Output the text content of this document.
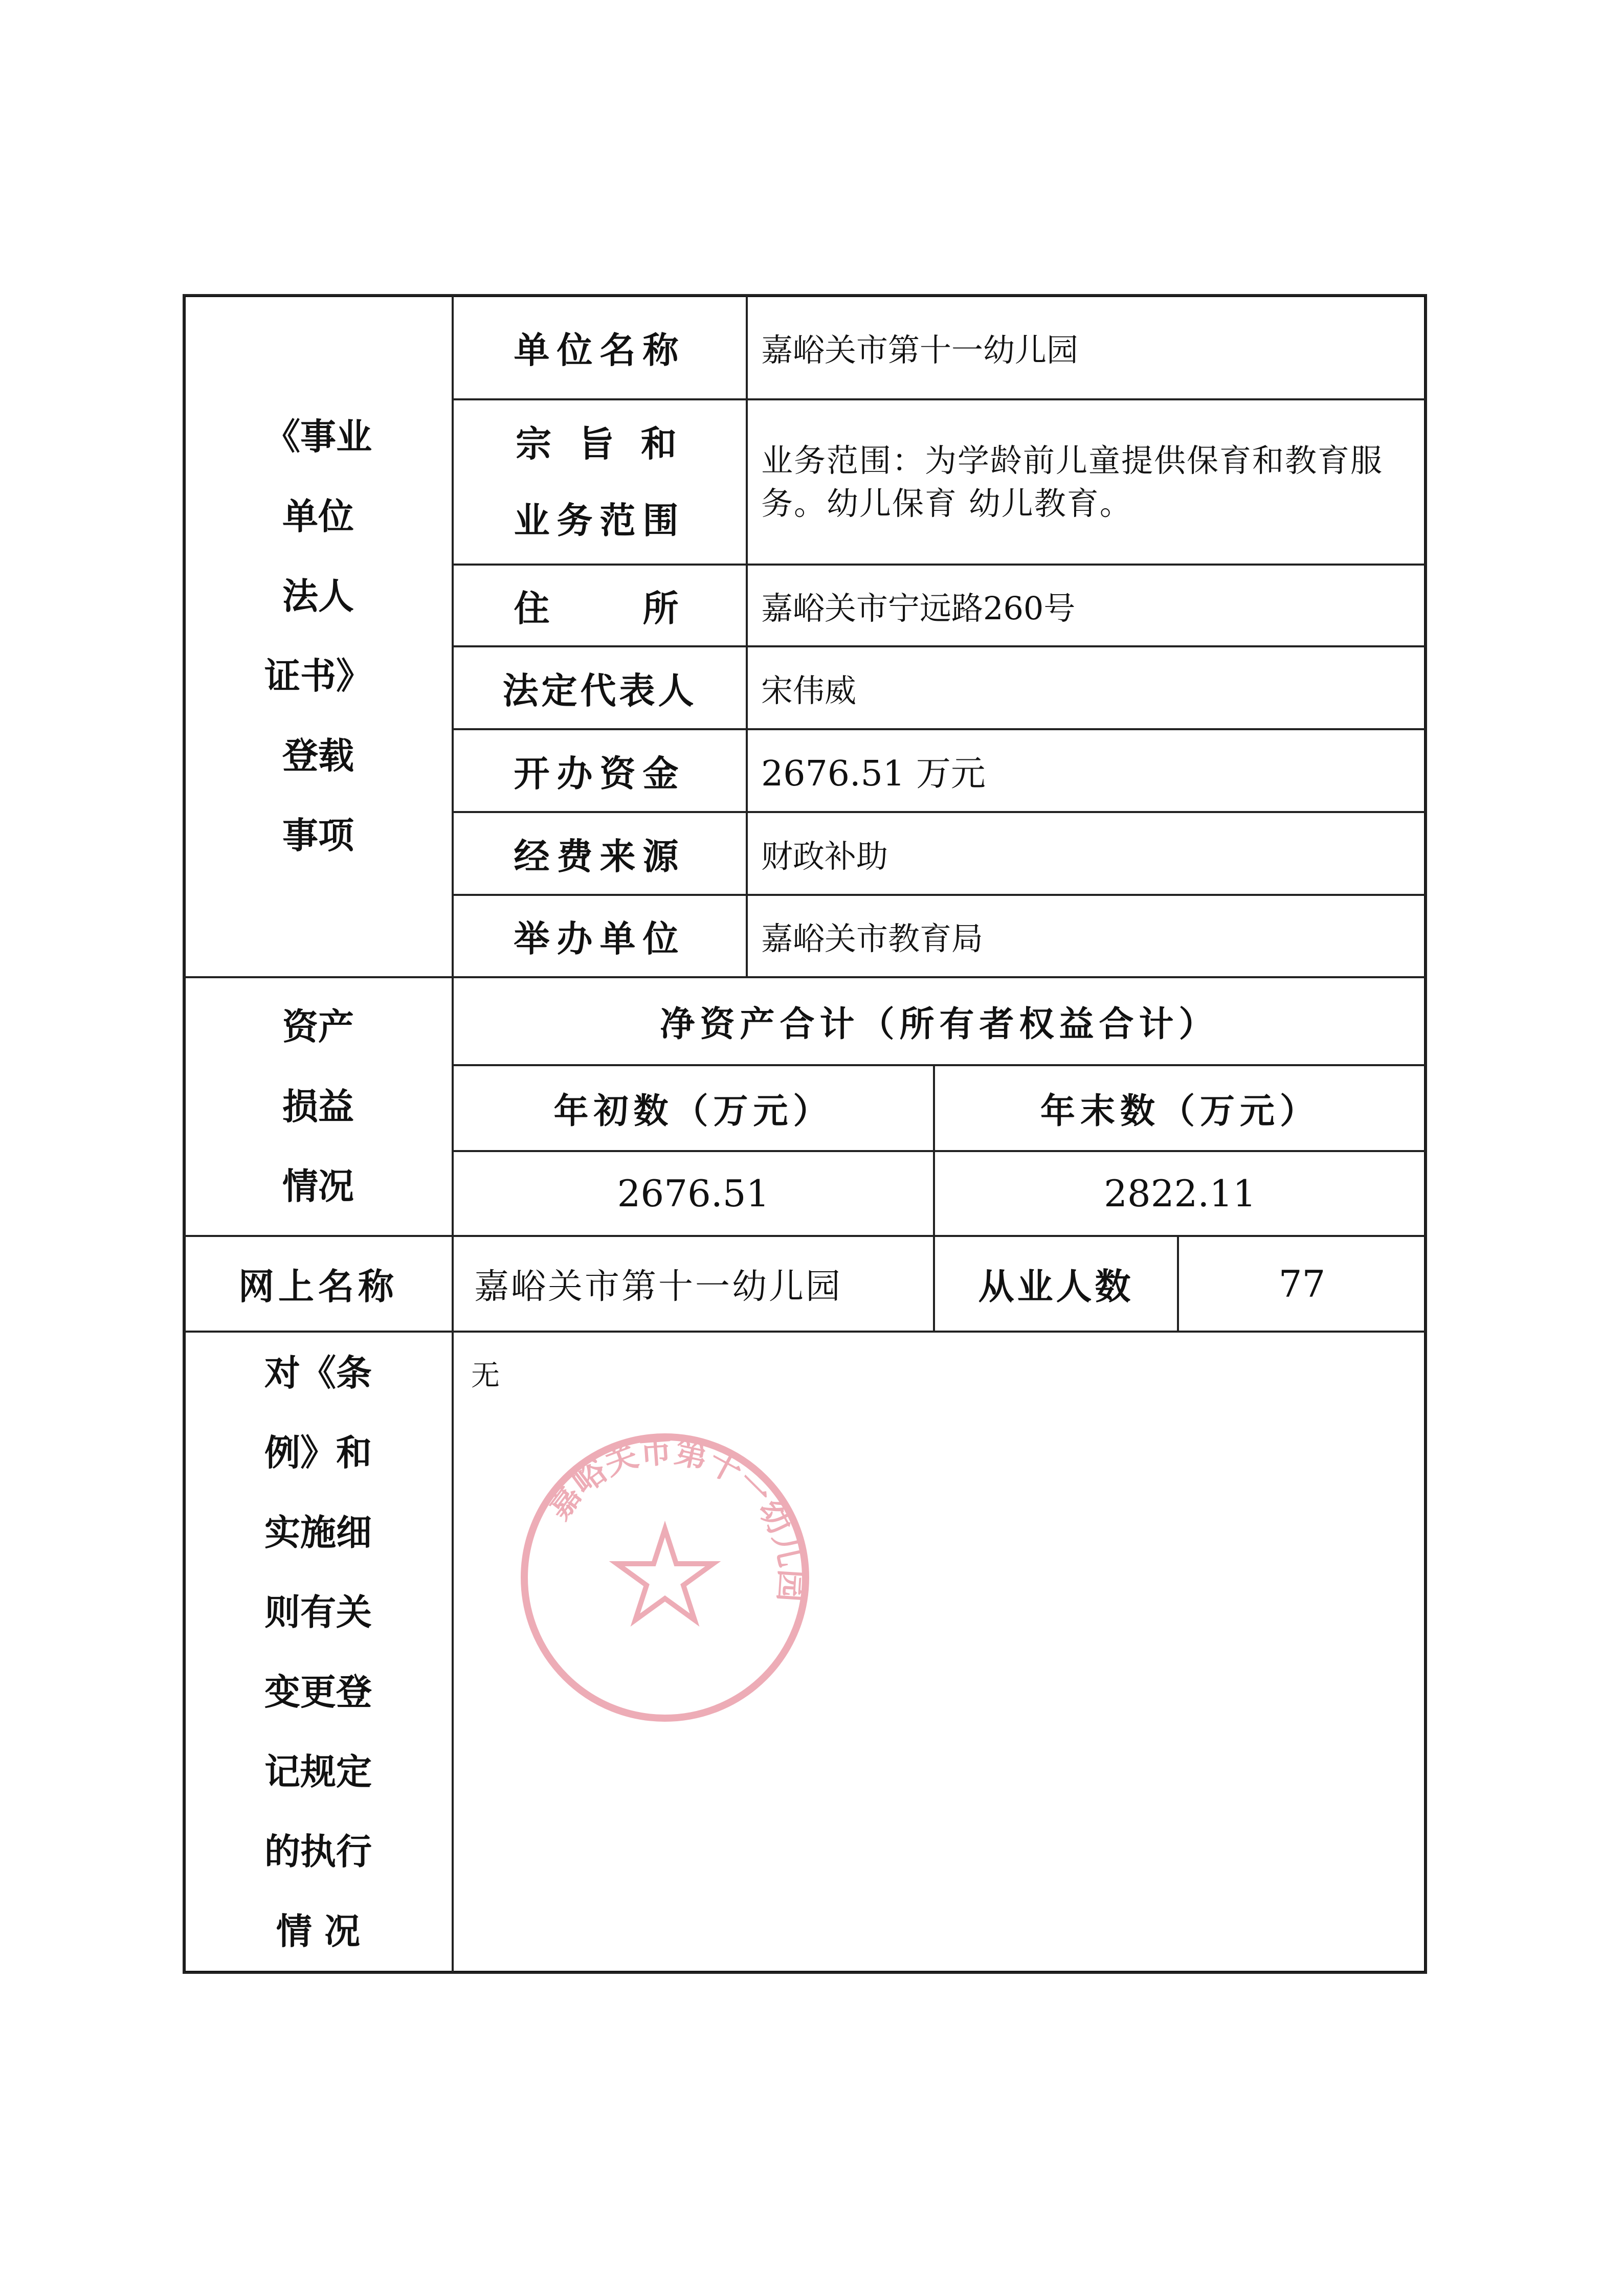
《事业
单位
法人
证书》
登载
事项
单位名称 嘉峪关市第十一幼儿园
宗 旨 和
业务范围
业务范围：为学龄前儿童提供保育和教育服务。幼儿保育 幼儿教育。
住　　所 嘉峪关市宁远路260号
法定代表人 宋伟威
开办资金 2676.51 万元
经费来源 财政补助
举办单位 嘉峪关市教育局
资产
损益
情况
净资产合计（所有者权益合计）
年初数（万元）	年末数（万元）
2676.51	2822.11
网上名称 嘉峪关市第十一幼儿园	从业人数	77
对《条
例》和
实施细
则有关
变更登
记规定
的执行
情 况
无
嘉峪关市第十一幼儿园
